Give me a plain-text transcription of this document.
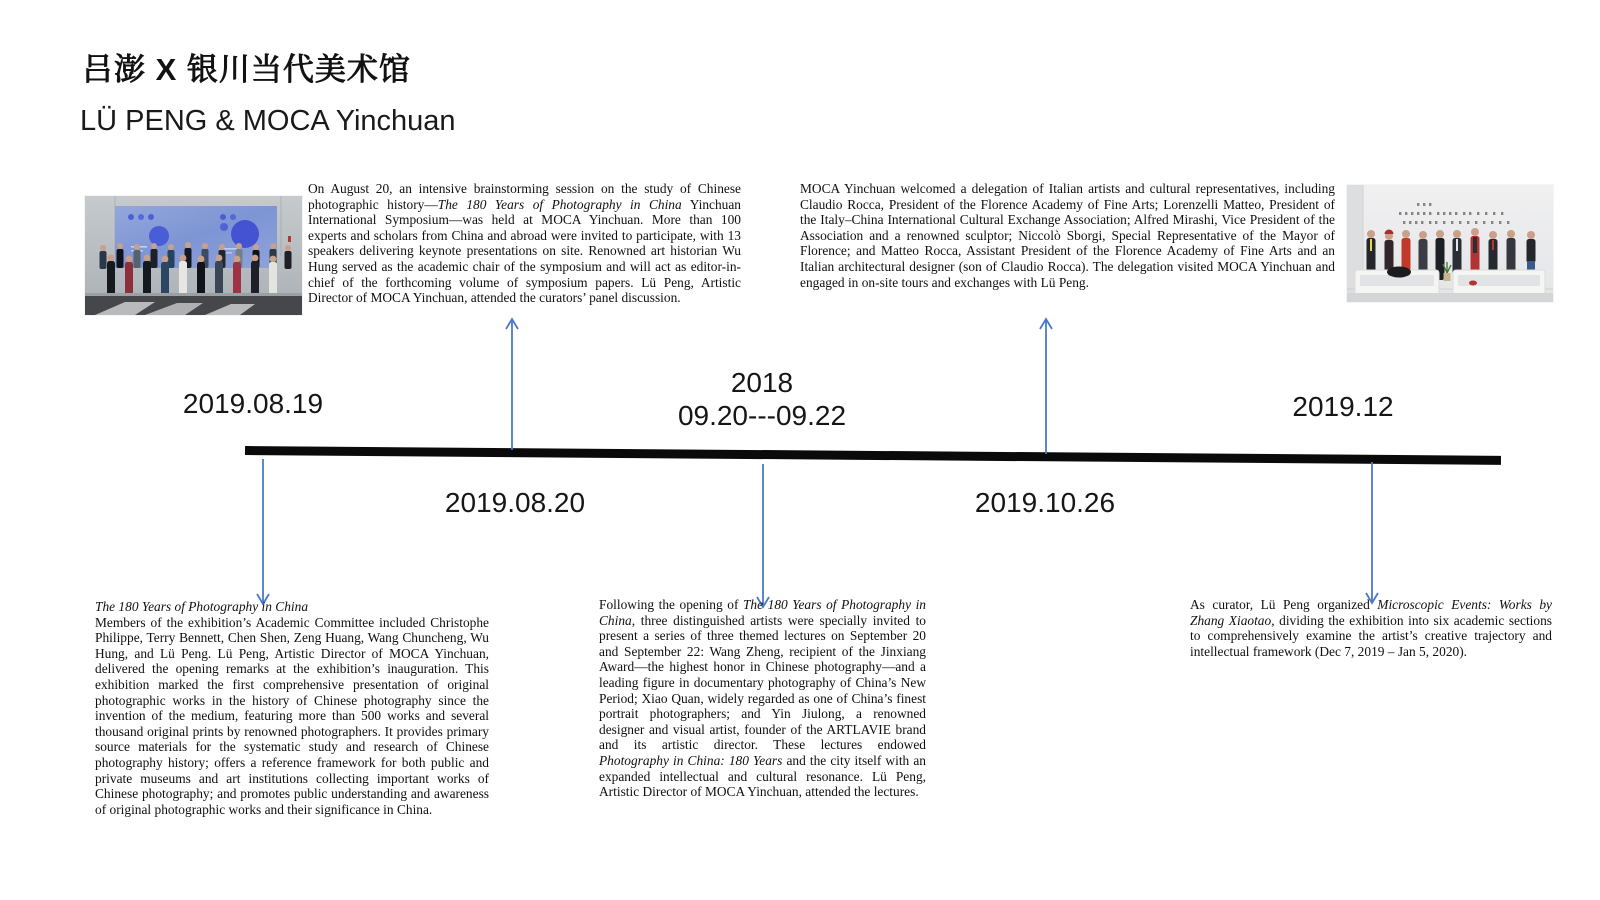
吕澎 X 银川当代美术馆
LÜ PENG & MOCA Yinchuan
On August 20, an intensive brainstorming session on the study of Chinese photographic history—The 180 Years of Photography in China Yinchuan International Symposium—was held at MOCA Yinchuan. More than 100 experts and scholars from China and abroad were invited to participate, with 13 speakers delivering keynote presentations on site. Renowned art historian Wu Hung served as the academic chair of the symposium and will act as editor-in-chief of the forthcoming volume of symposium papers. Lü Peng, Artistic Director of MOCA Yinchuan, attended the curators’ panel discussion.
MOCA Yinchuan welcomed a delegation of Italian artists and cultural representatives, including Claudio Rocca, President of the Florence Academy of Fine Arts; Lorenzelli Matteo, President of the Italy–China International Cultural Exchange Association; Alfred Mirashi, Vice President of the Association and a renowned sculptor; Niccolò Sborgi, Special Representative of the Mayor of Florence; and Matteo Rocca, Assistant President of the Florence Academy of Fine Arts and an Italian architectural designer (son of Claudio Rocca). The delegation visited MOCA Yinchuan and engaged in on-site tours and exchanges with Lü Peng.
2019.08.19
2018
09.20---09.22	2019.12
2019.08.20	2019.10.26
The 180 Years of Photography in China
Members of the exhibition’s Academic Committee included Christophe Philippe, Terry Bennett, Chen Shen, Zeng Huang, Wang Chuncheng, Wu Hung, and Lü Peng. Lü Peng, Artistic Director of MOCA Yinchuan, delivered the opening remarks at the exhibition’s inauguration. This exhibition marked the first comprehensive presentation of original photographic works in the history of Chinese photography since the invention of the medium, featuring more than 500 works and several thousand original prints by renowned photographers. It provides primary source materials for the systematic study and research of Chinese photography history; offers a reference framework for both public and private museums and art institutions collecting important works of Chinese photography; and promotes public understanding and awareness of original photographic works and their significance in China.
Following the opening of The 180 Years of Photography in China, three distinguished artists were specially invited to present a series of three themed lectures on September 20 and September 22: Wang Zheng, recipient of the Jinxiang Award—the highest honor in Chinese photography—and a leading figure in documentary photography of China’s New Period; Xiao Quan, widely regarded as one of China’s finest portrait photographers; and Yin Jiulong, a renowned designer and visual artist, founder of the ARTLAVIE brand and its artistic director. These lectures endowed Photography in China: 180 Years and the city itself with an expanded intellectual and cultural resonance. Lü Peng, Artistic Director of MOCA Yinchuan, attended the lectures.
As curator, Lü Peng organized Microscopic Events: Works by Zhang Xiaotao, dividing the exhibition into six academic sections to comprehensively examine the artist’s creative trajectory and intellectual framework (Dec 7, 2019 – Jan 5, 2020).
